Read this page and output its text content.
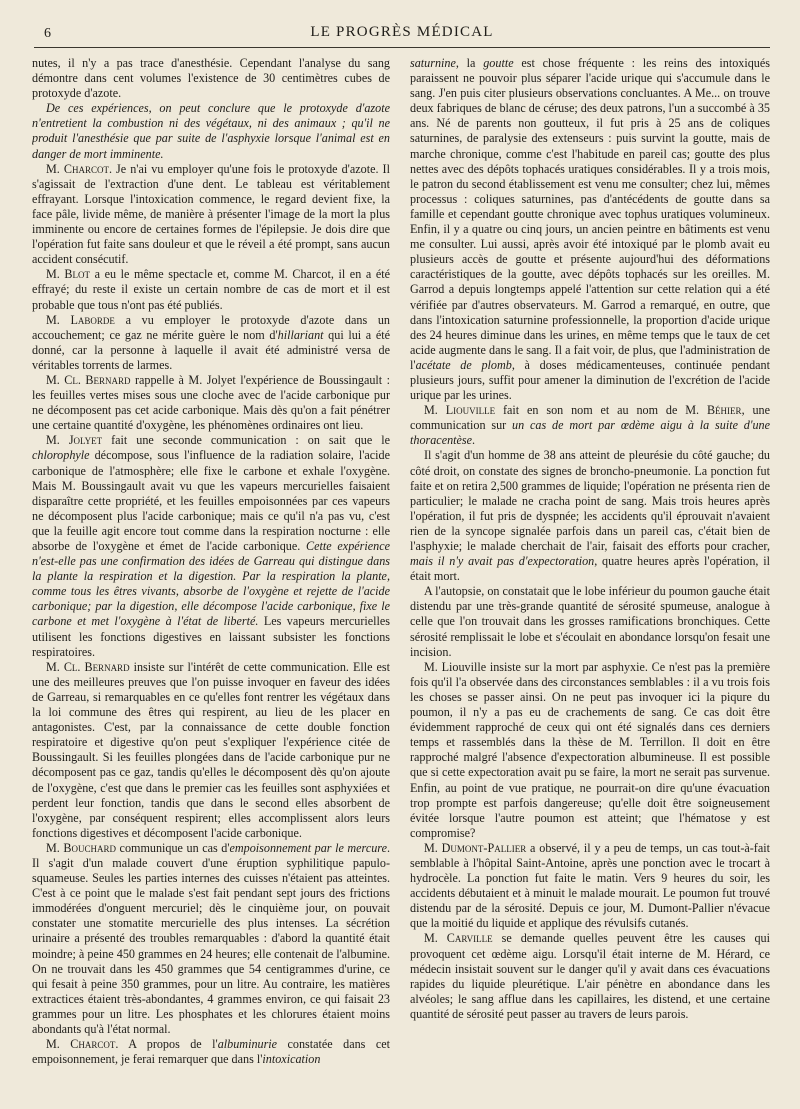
6	LE PROGRÈS MÉDICAL

nutes, il n'y a pas trace d'anesthésie. Cependant l'analyse du sang démontre dans cent volumes l'existence de 30 centimètres cubes de protoxyde d'azote.

De ces expériences, on peut conclure que le protoxyde d'azote n'entretient la combustion ni des végétaux, ni des animaux ; qu'il ne produit l'anesthésie que par suite de l'asphyxie lorsque l'animal est en danger de mort imminente.

M. Charcot. Je n'ai vu employer qu'une fois le protoxyde d'azote. Il s'agissait de l'extraction d'une dent. Le tableau est véritablement effrayant. Lorsque l'intoxication commence, le regard devient fixe, la face pâle, livide même, de manière à présenter l'image de la mort la plus imminente ou encore de certaines formes de l'épilepsie. Je dois dire que l'opération fut faite sans douleur et que le réveil a été prompt, sans aucun accident consécutif.

M. Blot a eu le même spectacle et, comme M. Charcot, il en a été effrayé; du reste il existe un certain nombre de cas de mort et il est probable que tous n'ont pas été publiés.

M. Laborde a vu employer le protoxyde d'azote dans un accouchement; ce gaz ne mérite guère le nom d'hillariant qui lui a été donné, car la personne à laquelle il avait été administré versa de véritables torrents de larmes.

M. Cl. Bernard rappelle à M. Jolyet l'expérience de Boussingault : les feuilles vertes mises sous une cloche avec de l'acide carbonique pur ne décomposent pas cet acide carbonique. Mais dès qu'on a fait pénétrer une certaine quantité d'oxygène, les phénomènes ordinaires ont lieu.

M. Jolyet fait une seconde communication : on sait que le chlorophyle décompose, sous l'influence de la radiation solaire, l'acide carbonique de l'atmosphère; elle fixe le carbone et exhale l'oxygène. Mais M. Boussingault avait vu que les vapeurs mercurielles faisaient disparaître cette propriété, et les feuilles empoisonnées par ces vapeurs ne décomposent plus l'acide carbonique; mais ce qu'il n'a pas vu, c'est que la feuille agit encore tout comme dans la respiration nocturne : elle absorbe de l'oxygène et émet de l'acide carbonique. Cette expérience n'est-elle pas une confirmation des idées de Garreau qui distingue dans la plante la respiration et la digestion. Par la respiration la plante, comme tous les êtres vivants, absorbe de l'oxygène et rejette de l'acide carbonique; par la digestion, elle décompose l'acide carbonique, fixe le carbone et met l'oxygène à l'état de liberté. Les vapeurs mercurielles utilisent les fonctions digestives en laissant subsister les fonctions respiratoires.

M. Cl. Bernard insiste sur l'intérêt de cette communication. Elle est une des meilleures preuves que l'on puisse invoquer en faveur des idées de Garreau, si remarquables en ce qu'elles font rentrer les végétaux dans la loi commune des êtres qui respirent, au lieu de les placer en antagonistes. C'est, par la connaissance de cette double fonction respiratoire et digestive qu'on peut s'expliquer l'expérience citée de Boussingault. Si les feuilles plongées dans de l'acide carbonique pur ne décomposent pas ce gaz, tandis qu'elles le décomposent dès qu'on ajoute de l'oxygène, c'est que dans le premier cas les feuilles sont asphyxiées et perdent leur fonction, tandis que dans le second elles absorbent de l'oxygène, par conséquent respirent; elles accomplissent alors leurs fonctions digestives et décomposent l'acide carbonique.

M. Bouchard communique un cas d'empoisonnement par le mercure. Il s'agit d'un malade couvert d'une éruption syphilitique papulo-squameuse. Seules les parties internes des cuisses n'étaient pas atteintes. C'est à ce point que le malade s'est fait pendant sept jours des frictions immodérées d'onguent mercuriel; dès le cinquième jour, on pouvait constater une stomatite mercurielle des plus intenses. La sécrétion urinaire a présenté des troubles remarquables : d'abord la quantité était moindre; à peine 450 grammes en 24 heures; elle contenait de l'albumine. On ne trouvait dans les 450 grammes que 54 centigrammes d'urine, ce qui fesait à peine 350 grammes, pour un litre. Au contraire, les matières extractices étaient très-abondantes, 4 grammes environ, ce qui faisait 23 grammes pour un litre. Les phosphates et les chlorures étaient moins abondants qu'à l'état normal.

M. Charcot. A propos de l'albuminurie constatée dans cet empoisonnement, je ferai remarquer que dans l'intoxication

saturnine, la goutte est chose fréquente : les reins des intoxiqués paraissent ne pouvoir plus séparer l'acide urique qui s'accumule dans le sang. J'en puis citer plusieurs observations concluantes. A Me... on trouve deux fabriques de blanc de céruse; des deux patrons, l'un a succombé à 35 ans. Né de parents non goutteux, il fut pris à 25 ans de coliques saturnines, de paralysie des extenseurs : puis survint la goutte, mais de marche chronique, comme c'est l'habitude en pareil cas; goutte des plus nettes avec des dépôts tophacés uratiques considérables. Il y a trois mois, le patron du second établissement est venu me consulter; chez lui, mêmes processus : coliques saturnines, pas d'antécédents de goutte dans sa famille et cependant goutte chronique avec tophus uratiques volumineux. Enfin, il y a quatre ou cinq jours, un ancien peintre en bâtiments est venu me consulter. Lui aussi, après avoir été intoxiqué par le plomb avait eu plusieurs accès de goutte et présente aujourd'hui des déformations caractéristiques de la goutte, avec dépôts tophacés sur les oreilles. M. Garrod a depuis longtemps appelé l'attention sur cette relation qui a été vérifiée par d'autres observateurs. M. Garrod a remarqué, en outre, que dans l'intoxication saturnine professionnelle, la proportion d'acide urique des 24 heures diminue dans les urines, en même temps que le taux de cet acide augmente dans le sang. Il a fait voir, de plus, que l'administration de l'acétate de plomb, à doses médicamenteuses, continuée pendant plusieurs jours, suffit pour amener la diminution de l'excrétion de l'acide urique par les urines.

M. Liouville fait en son nom et au nom de M. Béhier, une communication sur un cas de mort par œdème aigu à la suite d'une thoracentèse.

Il s'agit d'un homme de 38 ans atteint de pleurésie du côté gauche; du côté droit, on constate des signes de broncho-pneumonie. La ponction fut faite et on retira 2,500 grammes de liquide; l'opération ne présenta rien de particulier; le malade ne cracha point de sang. Mais trois heures après l'opération, il fut pris de dyspnée; les accidents qu'il éprouvait n'avaient rien de la syncope signalée parfois dans un pareil cas, c'était bien de l'asphyxie; le malade cherchait de l'air, faisait des efforts pour cracher, mais il n'y avait pas d'expectoration, quatre heures après l'opération, il était mort.

A l'autopsie, on constatait que le lobe inférieur du poumon gauche était distendu par une très-grande quantité de sérosité spumeuse, analogue à celle que l'on trouvait dans les grosses ramifications bronchiques. Cette sérosité remplissait le lobe et s'écoulait en abondance lorsqu'on fesait une incision.

M. Liouville insiste sur la mort par asphyxie. Ce n'est pas la première fois qu'il l'a observée dans des circonstances semblables : il a vu trois fois les choses se passer ainsi. On ne peut pas invoquer ici la piqure du poumon, il n'y a pas eu de crachements de sang. Ce cas doit être évidemment rapproché de ceux qui ont été signalés dans ces derniers temps et rassemblés dans la thèse de M. Terrillon. Il doit en être rapproché malgré l'absence d'expectoration albumineuse. Il est possible que si cette expectoration avait pu se faire, la mort ne serait pas survenue. Enfin, au point de vue pratique, ne pourrait-on dire qu'une évacuation trop prompte est parfois dangereuse; qu'elle doit être soigneusement évitée lorsque l'autre poumon est atteint; que l'hématose y est compromise?

M. Dumont-Pallier a observé, il y a peu de temps, un cas tout-à-fait semblable à l'hôpital Saint-Antoine, après une ponction avec le trocart à hydrocèle. La ponction fut faite le matin. Vers 9 heures du soir, les accidents débutaient et à minuit le malade mourait. Le poumon fut trouvé distendu par de la sérosité. Depuis ce jour, M. Dumont-Pallier n'évacue que la moitié du liquide et applique des révulsifs cutanés.

M. Carville se demande quelles peuvent être les causes qui provoquent cet œdème aigu. Lorsqu'il était interne de M. Hérard, ce médecin insistait souvent sur le danger qu'il y avait dans ces évacuations rapides du liquide pleurétique. L'air pénètre en abondance dans les alvéoles; le sang afflue dans les capillaires, les distend, et une certaine quantité de sérosité peut passer au travers de leurs parois.
